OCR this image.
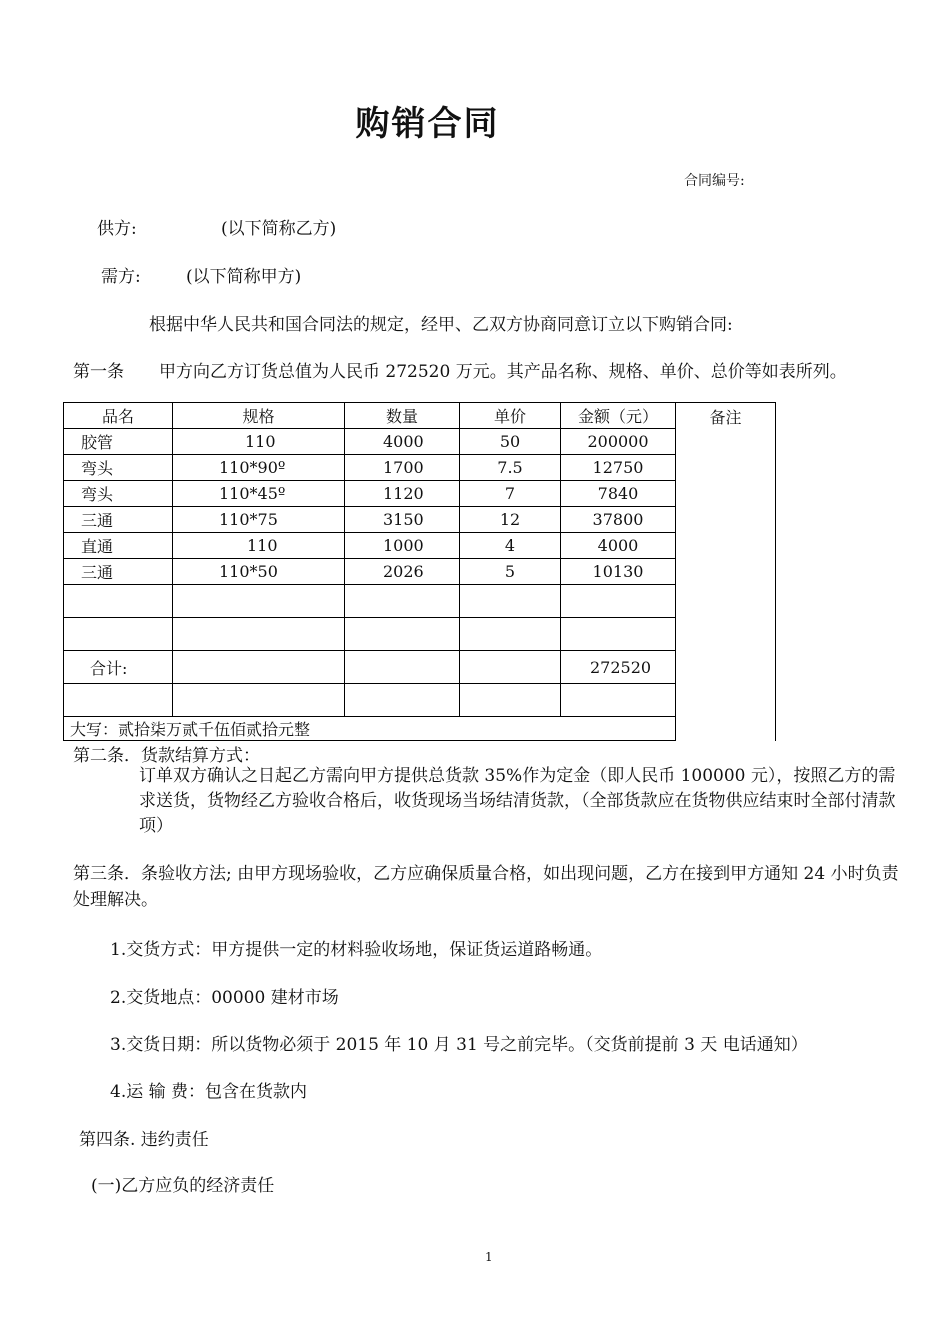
购销合同
合同编号:
供方:	(以下简称乙方)
需方:	(以下简称甲方)
根据中华人民共和国合同法的规定，经甲、乙双方协商同意订立以下购销合同:
第一条 甲方向乙方订货总值为人民币 272520 万元。其产品名称、规格、单价、总价等如表所列。
品名	规格	数量	单价	金额（元）	备注
胶管	110	4000	50	200000	
弯头	110*90º	1700	7.5	12750	
弯头	110*45º	1120	7	7840	
三通	110*75	3150	12	37800	
直通	110	1000	4	4000	
三通	110*50	2026	5	10130	

合计:				272520	

大写：贰拾柒万贰千伍佰贰拾元整					
第二条．货款结算方式：
订单双方确认之日起乙方需向甲方提供总货款 35%作为定金（即人民币 100000 元），按照乙方的需求送货，货物经乙方验收合格后，收货现场当场结清货款，（全部货款应在货物供应结束时全部付清款项）
第三条．条验收方法; 由甲方现场验收，乙方应确保质量合格，如出现问题，乙方在接到甲方通知 24 小时负责处理解决。
1.交货方式：甲方提供一定的材料验收场地，保证货运道路畅通。
2.交货地点：00000 建材市场
3.交货日期：所以货物必须于 2015 年 10 月 31 号之前完毕。（交货前提前 3 天 电话通知）
4.运 输 费：包含在货款内
第四条. 违约责任
(一)乙方应负的经济责任
1
